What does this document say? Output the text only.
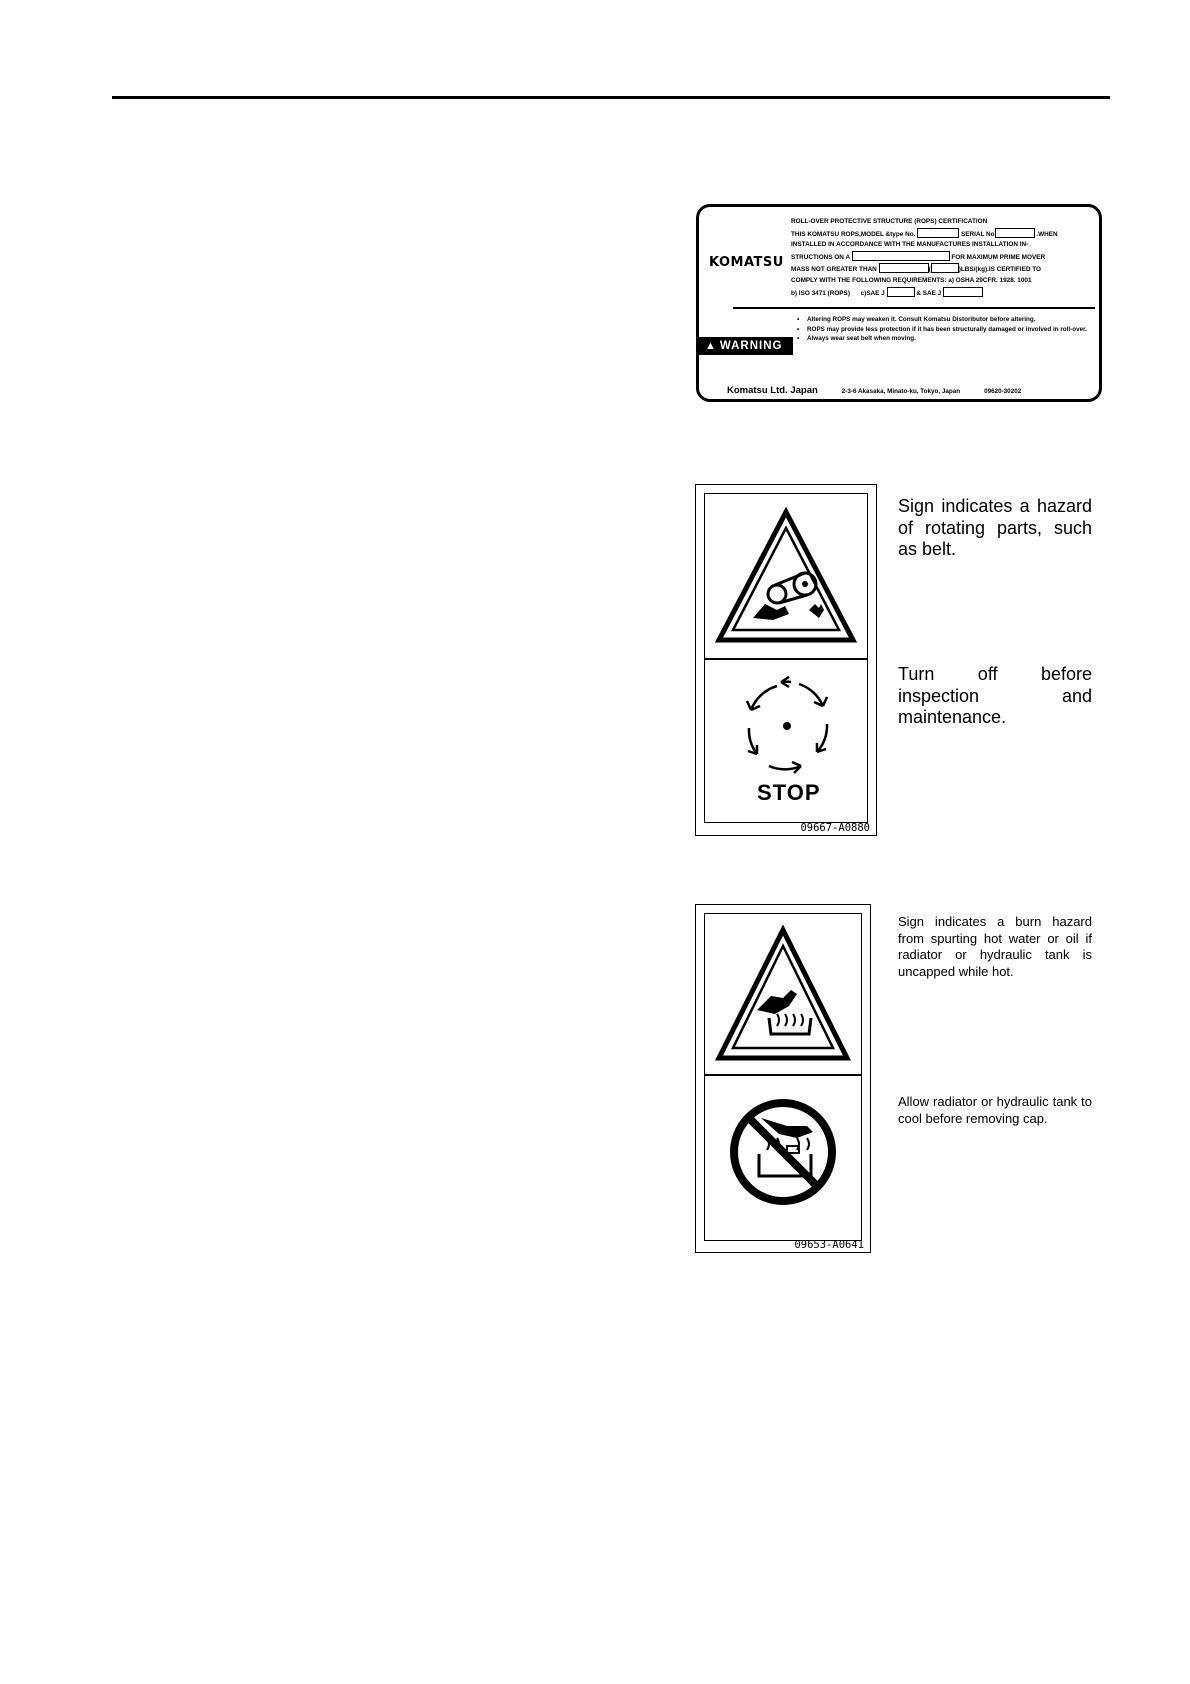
KOMATSU
ROLL-OVER PROTECTIVE STRUCTURE (ROPS) CERTIFICATION
THIS KOMATSU ROPS,MODEL &type No.	SERIAL No	.WHEN
INSTALLED IN ACCORDANCE WITH THE MANUFACTURES INSTALLATION IN-
STRUCTIONS ON A	FOR MAXIMUM PRIME MOVER
MASS NOT GREATER THAN	(	)LBS/(kg).IS CERTIFIED TO
COMPLY WITH THE FOLLOWING REQUIREMENTS: a) OSHA 29CFR. 1928. 1001
b) ISO 3471 (ROPS) c)SAE J	& SAE J
▲ WARNING
• Altering ROPS may weaken it. Consult Komatsu Distoributor before altering.
• ROPS may provide less protection if it has been structurally damaged or involved in roll-over.
• Always wear seat belt when moving.
Komatsu Ltd. Japan	2-3-6 Akasaka, Minato-ku, Tokyo, Japan	09620-30202
STOP
09667-A0880
Sign indicates a hazard of rotating parts, such as belt.
Turn off before inspection and maintenance.
09653-A0641
Sign indicates a burn hazard from spurting hot water or oil if radiator or hydraulic tank is uncapped while hot.
Allow radiator or hydraulic tank to cool before removing cap.
